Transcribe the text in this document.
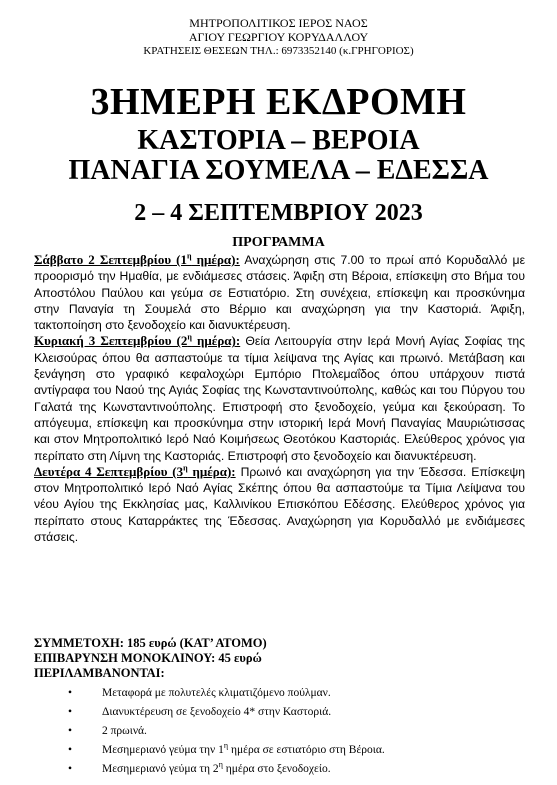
ΜΗΤΡΟΠΟΛΙΤΙΚΟΣ ΙΕΡΟΣ ΝΑΟΣ
ΑΓΙΟΥ ΓΕΩΡΓΙΟΥ ΚΟΡΥΔΑΛΛΟΥ
ΚΡΑΤΗΣΕΙΣ ΘΕΣΕΩΝ ΤΗΛ.: 6973352140 (κ.ΓΡΗΓΟΡΙΟΣ)
3ΗΜΕΡΗ ΕΚΔΡΟΜΗ
ΚΑΣΤΟΡΙΑ – ΒΕΡΟΙΑ
ΠΑΝΑΓΙΑ ΣΟΥΜΕΛΑ – ΕΔΕΣΣΑ
2 – 4 ΣΕΠΤΕΜΒΡΙΟΥ 2023
ΠΡΟΓΡΑΜΜΑ

Σάββατο 2 Σεπτεμβρίου ($1^\eta$ ημέρα): Αναχώρηση στις 7.00 το πρωί από Κορυδαλλό με προορισμό την Ημαθία, με ενδιάμεσες στάσεις. Άφιξη στη Βέροια, επίσκεψη στο Βήμα του Αποστόλου Παύλου και γεύμα σε Εστιατόριο. Στη συνέχεια, επίσκεψη και προσκύνημα στην Παναγία τη Σουμελά στο Βέρμιο και αναχώρηση για την Καστοριά. Άφιξη, τακτοποίηση στο ξενοδοχείο και διανυκτέρευση.

Κυριακή 3 Σεπτεμβρίου ($2^\eta$ ημέρα): Θεία Λειτουργία στην Ιερά Μονή Αγίας Σοφίας της Κλεισούρας όπου θα ασπαστούμε τα τίμια λείψανα της Αγίας και πρωινό. Μετάβαση και ξενάγηση στο γραφικό κεφαλοχώρι Εμπόριο Πτολεμαΐδος όπου υπάρχουν πιστά αντίγραφα του Ναού της Αγιάς Σοφίας της Κωνσταντινούπολης, καθώς και του Πύργου του Γαλατά της Κωνσταντινούπολης. Επιστροφή στο ξενοδοχείο, γεύμα και ξεκούραση. Το απόγευμα, επίσκεψη και προσκύνημα στην ιστορική Ιερά Μονή Παναγίας Μαυριώτισσας και στον Μητροπολιτικό Ιερό Ναό Κοιμήσεως Θεοτόκου Καστοριάς. Ελεύθερος χρόνος για περίπατο στη Λίμνη της Καστοριάς. Επιστροφή στο ξενοδοχείο και διανυκτέρευση.

Δευτέρα 4 Σεπτεμβρίου ($3^\eta$ ημέρα): Πρωινό και αναχώρηση για την Έδεσσα. Επίσκεψη στον Μητροπολιτικό Ιερό Ναό Αγίας Σκέπης όπου θα ασπαστούμε τα Τίμια Λείψανα του νέου Αγίου της Εκκλησίας μας, Καλλινίκου Επισκόπου Εδέσσης. Ελεύθερος χρόνος για περίπατο στους Καταρράκτες της Έδεσσας. Αναχώρηση για Κορυδαλλό με ενδιάμεσες στάσεις.

ΣΥΜΜΕΤΟΧΗ: 185 ευρώ (ΚΑΤ’ ΑΤΟΜΟ)
ΕΠΙΒΑΡΥΝΣΗ ΜΟΝΟΚΛΙΝΟΥ: 45 ευρώ
ΠΕΡΙΛΑΜΒΑΝΟΝΤΑΙ:
•	Μεταφορά με πολυτελές κλιματιζόμενο πούλμαν.
•	Διανυκτέρευση σε ξενοδοχείο 4* στην Καστοριά.
•	2 πρωινά.
•	Μεσημεριανό γεύμα την $1^\eta$ ημέρα σε εστιατόριο στη Βέροια.
•	Μεσημεριανό γεύμα τη $2^\eta$ ημέρα στο ξενοδοχείο.
